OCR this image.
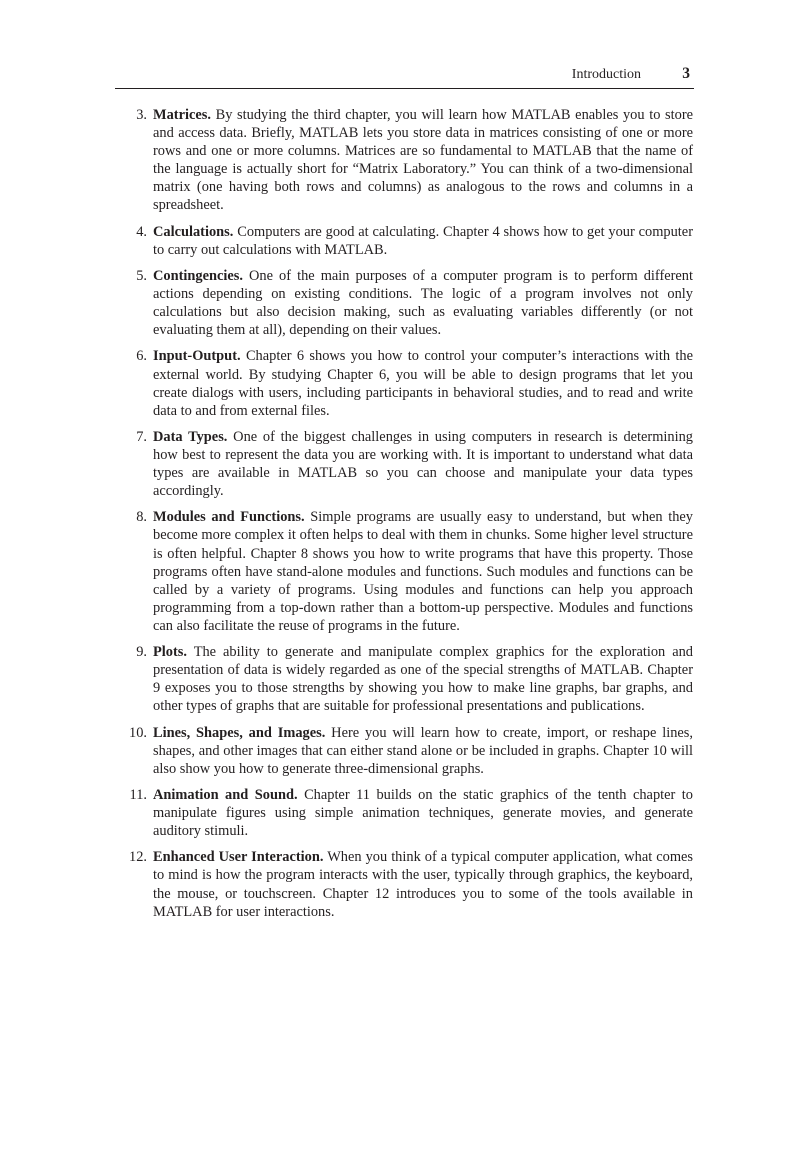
Introduction	3
3. Matrices. By studying the third chapter, you will learn how MATLAB enables you to store and access data. Briefly, MATLAB lets you store data in matrices consisting of one or more rows and one or more columns. Matrices are so fundamental to MATLAB that the name of the language is actually short for “Matrix Laboratory.” You can think of a two-dimensional matrix (one having both rows and columns) as analogous to the rows and columns in a spreadsheet.
4. Calculations. Computers are good at calculating. Chapter 4 shows how to get your computer to carry out calculations with MATLAB.
5. Contingencies. One of the main purposes of a computer program is to perform different actions depending on existing conditions. The logic of a program involves not only calculations but also decision making, such as evaluating variables differently (or not evaluating them at all), depending on their values.
6. Input-Output. Chapter 6 shows you how to control your computer’s interactions with the external world. By studying Chapter 6, you will be able to design programs that let you create dialogs with users, including participants in behavioral studies, and to read and write data to and from external files.
7. Data Types. One of the biggest challenges in using computers in research is determining how best to represent the data you are working with. It is important to understand what data types are available in MATLAB so you can choose and manipulate your data types accordingly.
8. Modules and Functions. Simple programs are usually easy to understand, but when they become more complex it often helps to deal with them in chunks. Some higher level structure is often helpful. Chapter 8 shows you how to write programs that have this property. Those programs often have stand-alone modules and functions. Such modules and functions can be called by a variety of programs. Using modules and functions can help you approach programming from a top-down rather than a bottom-up perspective. Modules and functions can also facilitate the reuse of programs in the future.
9. Plots. The ability to generate and manipulate complex graphics for the exploration and presentation of data is widely regarded as one of the special strengths of MATLAB. Chapter 9 exposes you to those strengths by showing you how to make line graphs, bar graphs, and other types of graphs that are suitable for professional presentations and publications.
10. Lines, Shapes, and Images. Here you will learn how to create, import, or reshape lines, shapes, and other images that can either stand alone or be included in graphs. Chapter 10 will also show you how to generate three-dimensional graphs.
11. Animation and Sound. Chapter 11 builds on the static graphics of the tenth chapter to manipulate figures using simple animation techniques, generate movies, and generate auditory stimuli.
12. Enhanced User Interaction. When you think of a typical computer application, what comes to mind is how the program interacts with the user, typically through graphics, the keyboard, the mouse, or touchscreen. Chapter 12 introduces you to some of the tools available in MATLAB for user interactions.
